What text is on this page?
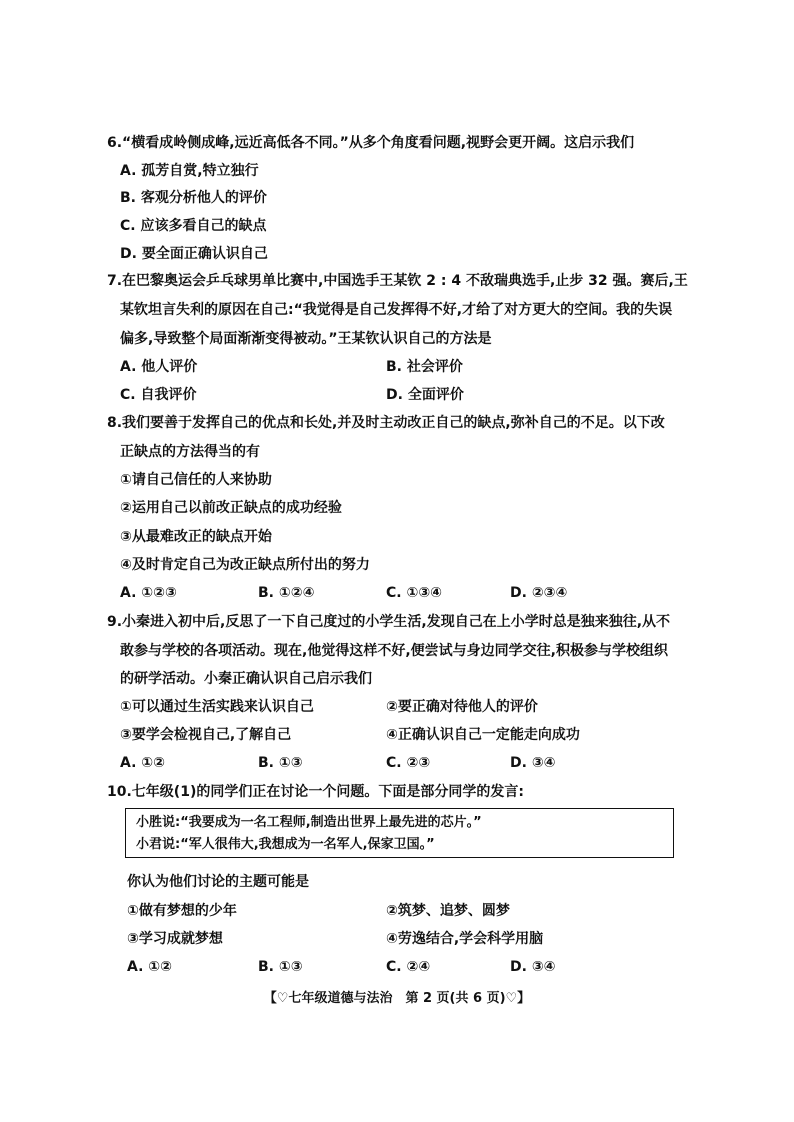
6.“横看成岭侧成峰,远近高低各不同。”从多个角度看问题,视野会更开阔。这启示我们
A. 孤芳自赏,特立独行
B. 客观分析他人的评价
C. 应该多看自己的缺点
D. 要全面正确认识自己
7.在巴黎奥运会乒乓球男单比赛中,中国选手王某钦 2 : 4 不敌瑞典选手,止步 32 强。赛后,王
某钦坦言失利的原因在自己:“我觉得是自己发挥得不好,才给了对方更大的空间。我的失误
偏多,导致整个局面渐渐变得被动。”王某钦认识自己的方法是
A. 他人评价	B. 社会评价
C. 自我评价	D. 全面评价
8.我们要善于发挥自己的优点和长处,并及时主动改正自己的缺点,弥补自己的不足。以下改
正缺点的方法得当的有
①请自己信任的人来协助
②运用自己以前改正缺点的成功经验
③从最难改正的缺点开始
④及时肯定自己为改正缺点所付出的努力
A. ①②③	B. ①②④	C. ①③④	D. ②③④
9.小秦进入初中后,反思了一下自己度过的小学生活,发现自己在上小学时总是独来独往,从不
敢参与学校的各项活动。现在,他觉得这样不好,便尝试与身边同学交往,积极参与学校组织
的研学活动。小秦正确认识自己启示我们
①可以通过生活实践来认识自己	②要正确对待他人的评价
③要学会检视自己,了解自己	④正确认识自己一定能走向成功
A. ①②	B. ①③	C. ②③	D. ③④
10.七年级(1)的同学们正在讨论一个问题。下面是部分同学的发言:
小胜说:“我要成为一名工程师,制造出世界上最先进的芯片。”
小君说:“军人很伟大,我想成为一名军人,保家卫国。”
你认为他们讨论的主题可能是
①做有梦想的少年	②筑梦、追梦、圆梦
③学习成就梦想	④劳逸结合,学会科学用脑
A. ①②	B. ①③	C. ②④	D. ③④
【♡七年级道德与法治　第 2 页(共 6 页)♡】
